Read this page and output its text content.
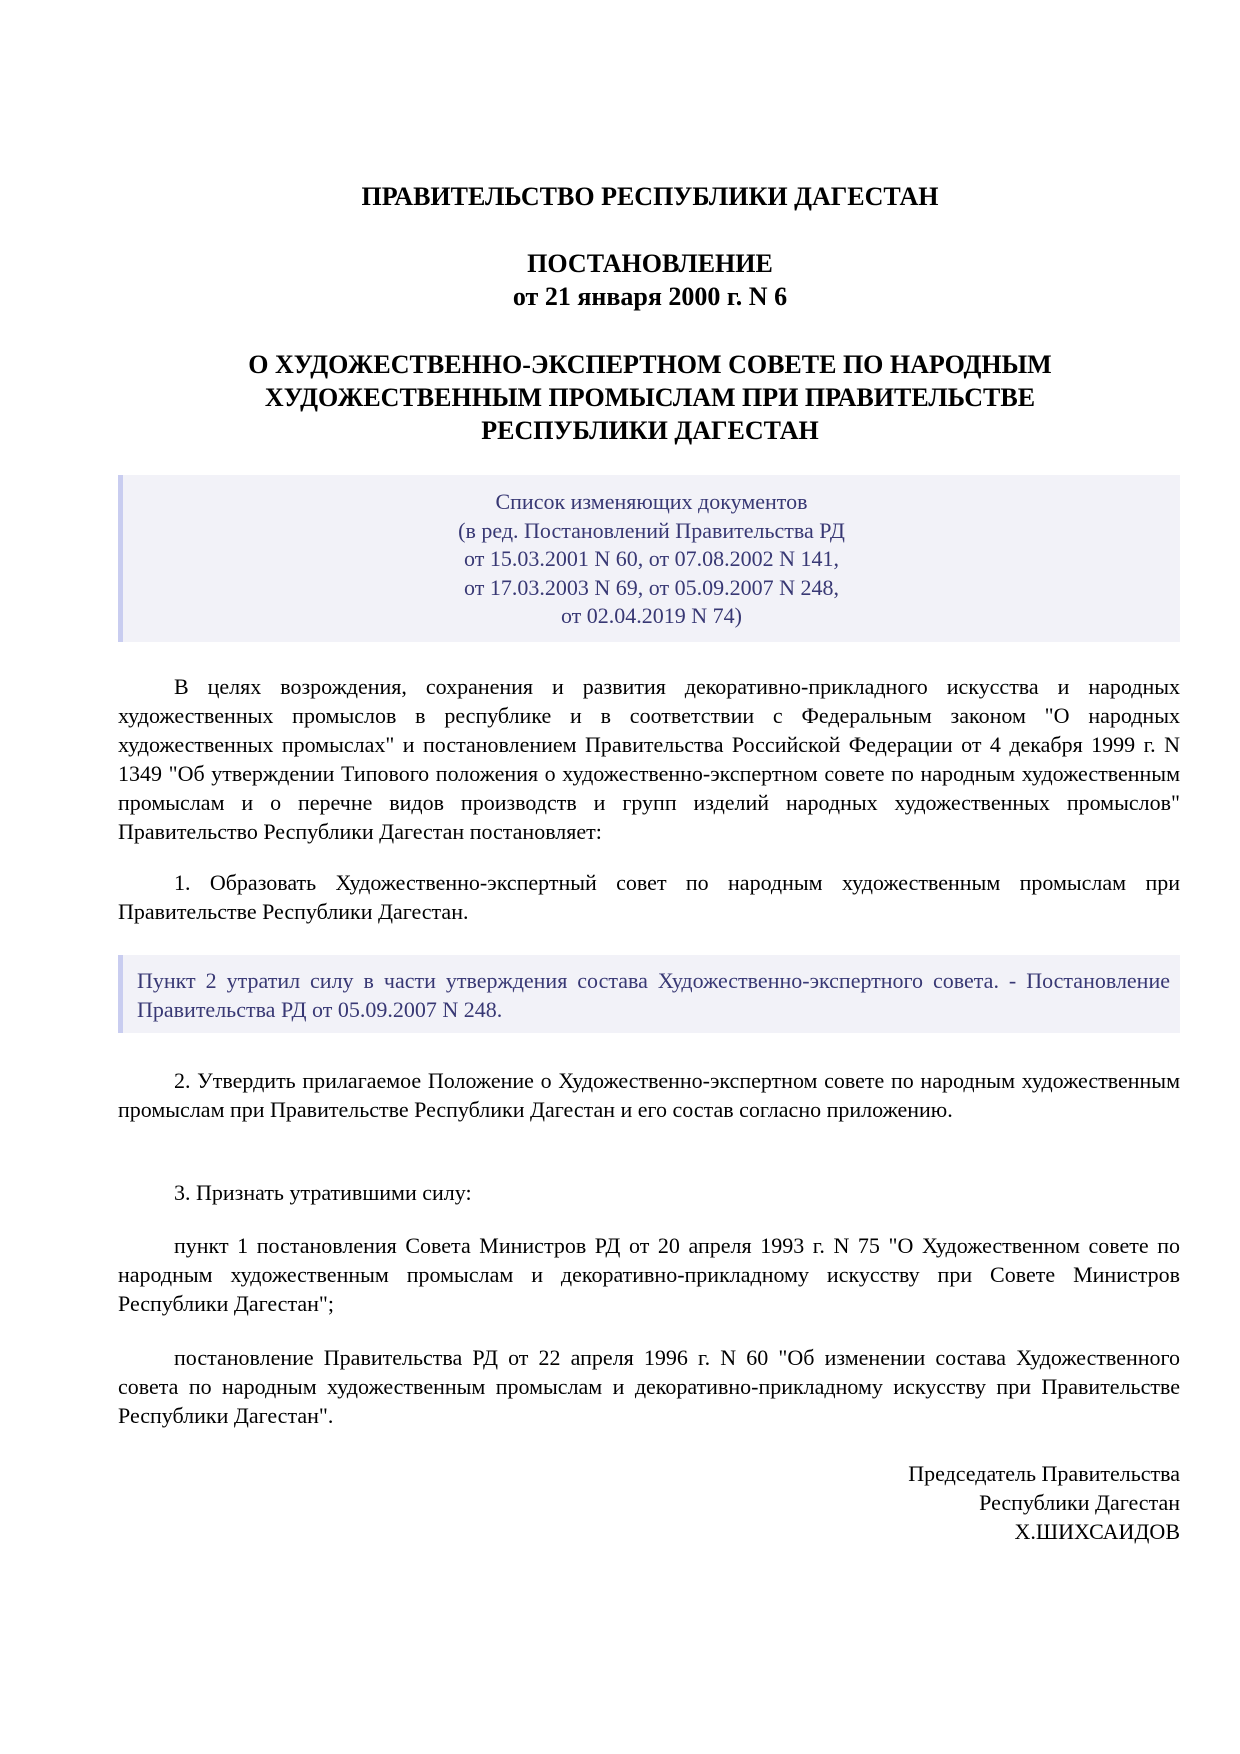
ПРАВИТЕЛЬСТВО РЕСПУБЛИКИ ДАГЕСТАН
ПОСТАНОВЛЕНИЕ
от 21 января 2000 г. N 6
О ХУДОЖЕСТВЕННО-ЭКСПЕРТНОМ СОВЕТЕ ПО НАРОДНЫМ
ХУДОЖЕСТВЕННЫМ ПРОМЫСЛАМ ПРИ ПРАВИТЕЛЬСТВЕ
РЕСПУБЛИКИ ДАГЕСТАН
Список изменяющих документов
(в ред. Постановлений Правительства РД
от 15.03.2001 N 60, от 07.08.2002 N 141,
от 17.03.2003 N 69, от 05.09.2007 N 248,
от 02.04.2019 N 74)
В целях возрождения, сохранения и развития декоративно-прикладного искусства и народных художественных промыслов в республике и в соответствии с Федеральным законом "О народных художественных промыслах" и постановлением Правительства Российской Федерации от 4 декабря 1999 г. N 1349 "Об утверждении Типового положения о художественно-экспертном совете по народным художественным промыслам и о перечне видов производств и групп изделий народных художественных промыслов" Правительство Республики Дагестан постановляет:
1. Образовать Художественно-экспертный совет по народным художественным промыслам при Правительстве Республики Дагестан.
Пункт 2 утратил силу в части утверждения состава Художественно-экспертного совета. - Постановление Правительства РД от 05.09.2007 N 248.
2. Утвердить прилагаемое Положение о Художественно-экспертном совете по народным художественным промыслам при Правительстве Республики Дагестан и его состав согласно приложению.
3. Признать утратившими силу:
пункт 1 постановления Совета Министров РД от 20 апреля 1993 г. N 75 "О Художественном совете по народным художественным промыслам и декоративно-прикладному искусству при Совете Министров Республики Дагестан";
постановление Правительства РД от 22 апреля 1996 г. N 60 "Об изменении состава Художественного совета по народным художественным промыслам и декоративно-прикладному искусству при Правительстве Республики Дагестан".
Председатель Правительства
Республики Дагестан
Х.ШИХСАИДОВ
